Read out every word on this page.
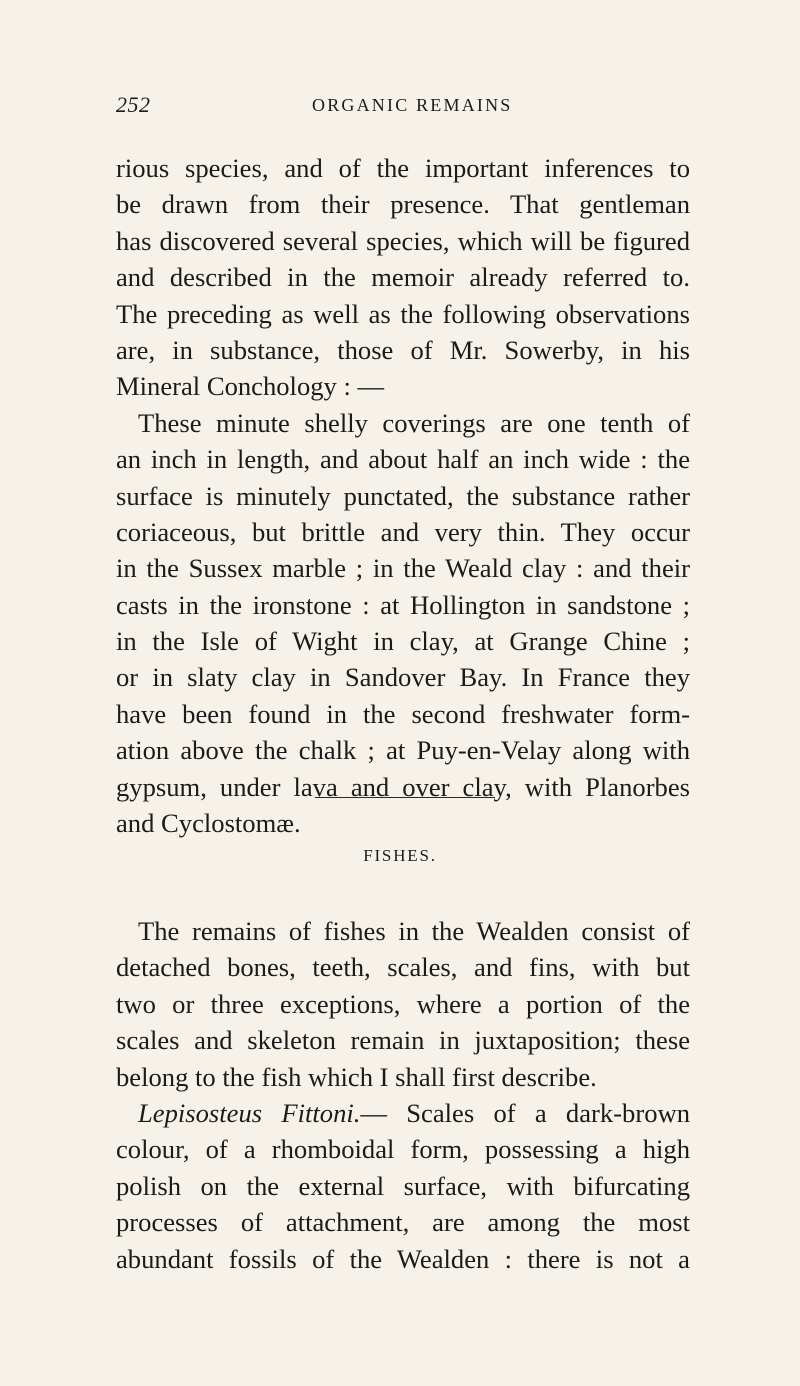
252	ORGANIC REMAINS
rious species, and of the important inferences to
be drawn from their presence. That gentleman
has discovered several species, which will be figured
and described in the memoir already referred to.
The preceding as well as the following observations
are, in substance, those of Mr. Sowerby, in his
Mineral Conchology : —
These minute shelly coverings are one tenth of
an inch in length, and about half an inch wide : the
surface is minutely punctated, the substance rather
coriaceous, but brittle and very thin. They occur
in the Sussex marble ; in the Weald clay : and their
casts in the ironstone : at Hollington in sandstone ;
in the Isle of Wight in clay, at Grange Chine ;
or in slaty clay in Sandover Bay. In France they
have been found in the second freshwater form-
ation above the chalk ; at Puy-en-Velay along with
gypsum, under lava and over clay, with Planorbes
and Cyclostomæ.
FISHES.
The remains of fishes in the Wealden consist of
detached bones, teeth, scales, and fins, with but
two or three exceptions, where a portion of the
scales and skeleton remain in juxtaposition; these
belong to the fish which I shall first describe.
Lepisosteus Fittoni.— Scales of a dark-brown
colour, of a rhomboidal form, possessing a high
polish on the external surface, with bifurcating
processes of attachment, are among the most
abundant fossils of the Wealden : there is not a
